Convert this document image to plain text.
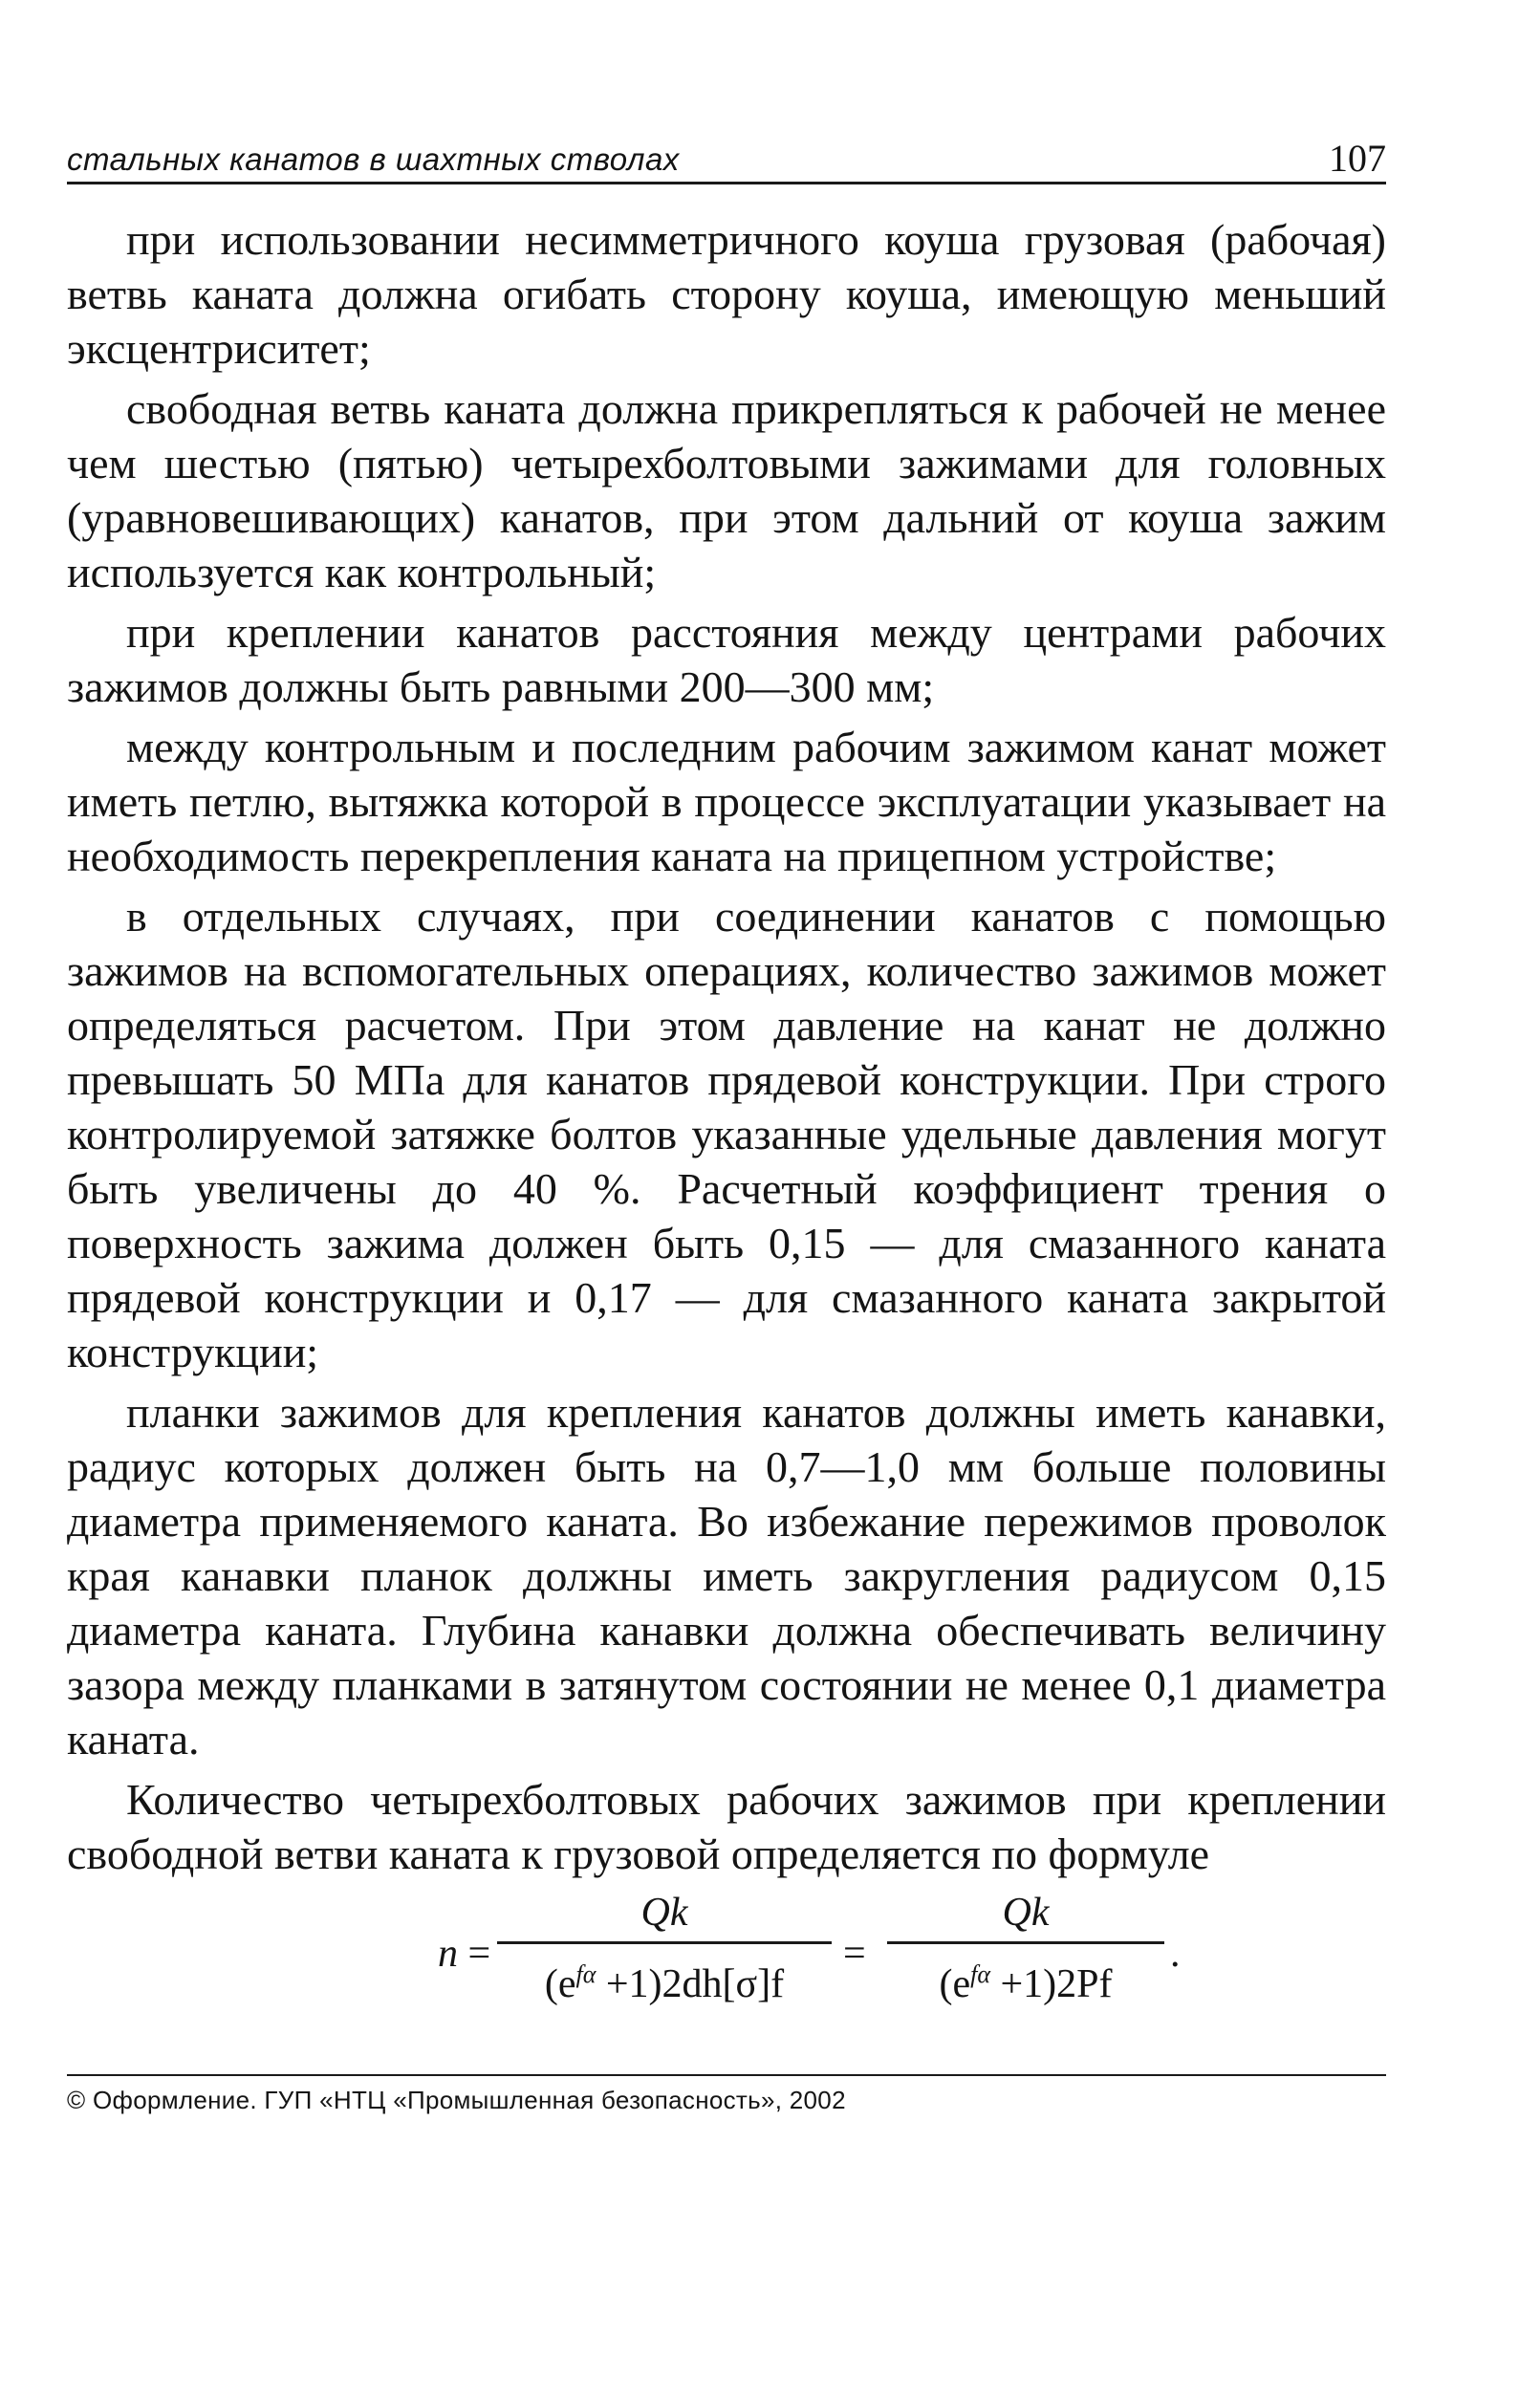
стальных канатов в шахтных стволах	107

при использовании несимметричного коуша грузовая (рабочая) ветвь каната должна огибать сторону коуша, имеющую меньший эксцентриситет;

свободная ветвь каната должна прикрепляться к рабочей не менее чем шестью (пятью) четырехболтовыми зажимами для головных (уравновешивающих) канатов, при этом дальний от коуша зажим используется как контрольный;

при креплении канатов расстояния между центрами рабочих зажимов должны быть равными 200—300 мм;

между контрольным и последним рабочим зажимом канат может иметь петлю, вытяжка которой в процессе эксплуатации указывает на необходимость перекрепления каната на прицепном устройстве;

в отдельных случаях, при соединении канатов с помощью зажимов на вспомогательных операциях, количество зажимов может определяться расчетом. При этом давление на канат не должно превышать 50 МПа для канатов прядевой конструкции. При строго контролируемой затяжке болтов указанные удельные давления могут быть увеличены до 40 %. Расчетный коэффициент трения о поверхность зажима должен быть 0,15 — для смазанного каната прядевой конструкции и 0,17 — для смазанного каната закрытой конструкции;

планки зажимов для крепления канатов должны иметь канавки, радиус которых должен быть на 0,7—1,0 мм больше половины диаметра применяемого каната. Во избежание пережимов проволок края канавки планок должны иметь закругления радиусом 0,15 диаметра каната. Глубина канавки должна обеспечивать величину зазора между планками в затянутом состоянии не менее 0,1 диаметра каната.

Количество четырехболтовых рабочих зажимов при креплении свободной ветви каната к грузовой определяется по формуле

n =
Qk
$(e^{f\alpha} +1)2dh[\sigma]f$
=
Qk
$(e^{f\alpha} +1)2Pf$
.
© Оформление. ГУП «НТЦ «Промышленная безопасность», 2002
